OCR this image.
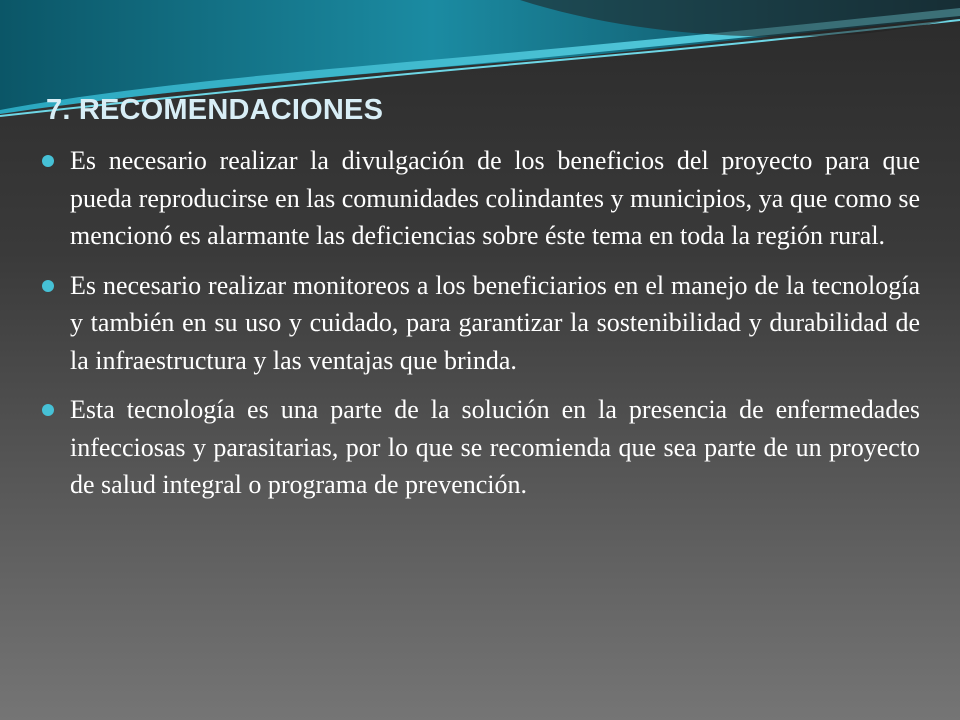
7. RECOMENDACIONES
Es necesario realizar la divulgación de los beneficios del proyecto para que pueda reproducirse en las comunidades colindantes y municipios, ya que como se mencionó es alarmante las deficiencias sobre éste tema en toda la región rural.
Es necesario realizar monitoreos a los beneficiarios en el manejo de la tecnología y también en su uso y cuidado, para garantizar la sostenibilidad y durabilidad de la infraestructura y las ventajas que brinda.
Esta tecnología es una parte de la solución en la presencia de enfermedades infecciosas y parasitarias, por lo que se recomienda que sea parte de un proyecto de salud integral o programa de prevención.
